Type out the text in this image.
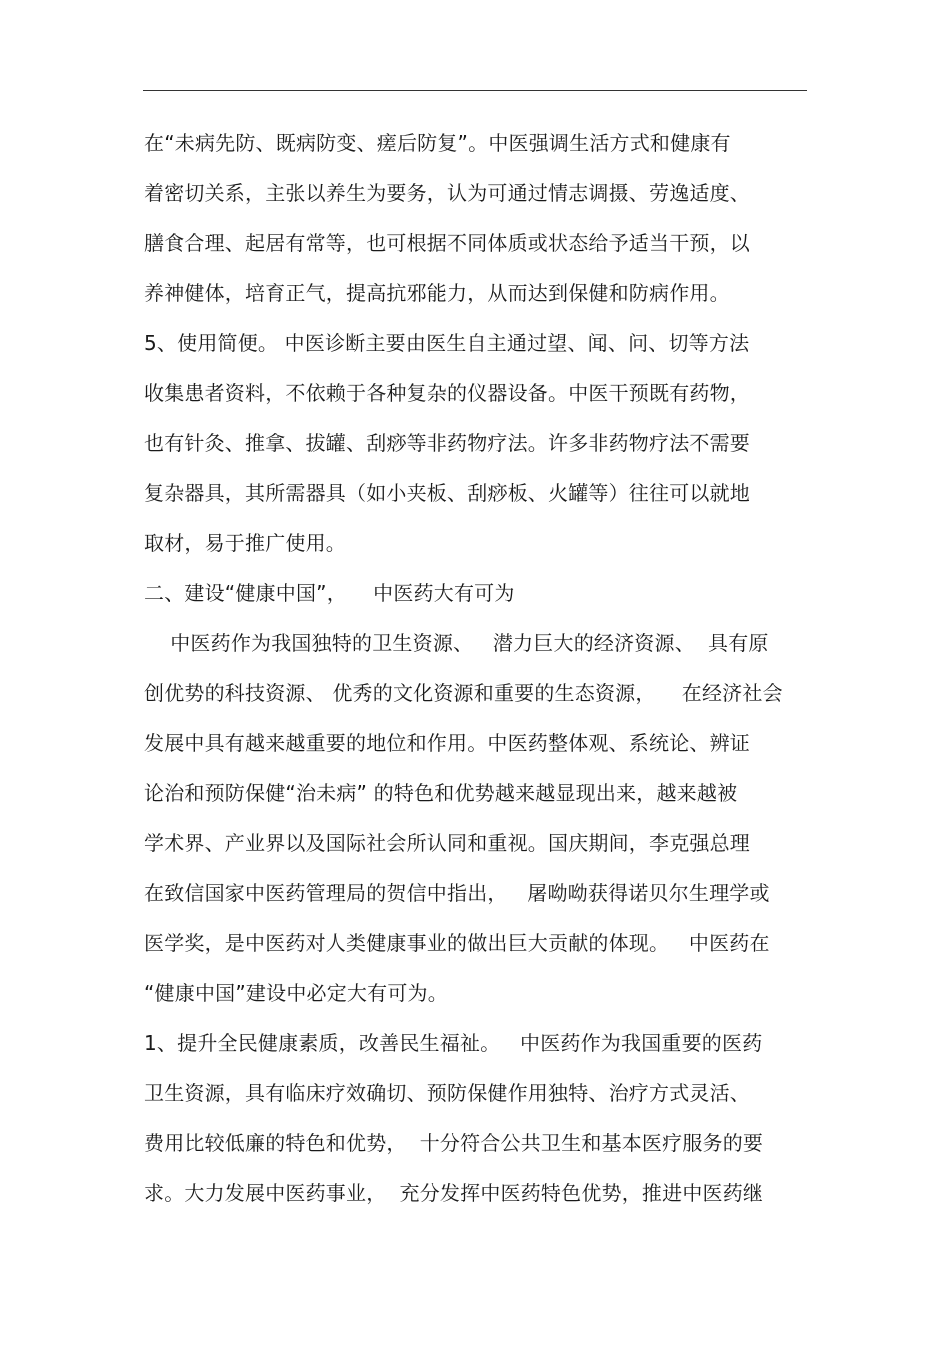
在“未病先防、既病防变、瘥后防复”。中医强调生活方式和健康有
着密切关系，主张以养生为要务，认为可通过情志调摄、劳逸适度、
膳食合理、起居有常等，也可根据不同体质或状态给予适当干预，以
养神健体，培育正气，提高抗邪能力，从而达到保健和防病作用。
5、使用简便。 中医诊断主要由医生自主通过望、闻、问、切等方法
收集患者资料，不依赖于各种复杂的仪器设备。中医干预既有药物，
也有针灸、推拿、拔罐、刮痧等非药物疗法。许多非药物疗法不需要
复杂器具，其所需器具（如小夹板、刮痧板、火罐等）往往可以就地
取材，易于推广使用。
二、建设“健康中国”，    中医药大有可为
中医药作为我国独特的卫生资源、   潜力巨大的经济资源、  具有原
创优势的科技资源、 优秀的文化资源和重要的生态资源，    在经济社会
发展中具有越来越重要的地位和作用。中医药整体观、系统论、辨证
论治和预防保健“治未病” 的特色和优势越来越显现出来，越来越被
学术界、产业界以及国际社会所认同和重视。国庆期间，李克强总理
在致信国家中医药管理局的贺信中指出，   屠呦呦获得诺贝尔生理学或
医学奖，是中医药对人类健康事业的做出巨大贡献的体现。   中医药在
“健康中国”建设中必定大有可为。
1、提升全民健康素质，改善民生福祉。   中医药作为我国重要的医药
卫生资源，具有临床疗效确切、预防保健作用独特、治疗方式灵活、
费用比较低廉的特色和优势，  十分符合公共卫生和基本医疗服务的要
求。大力发展中医药事业，  充分发挥中医药特色优势，推进中医药继
